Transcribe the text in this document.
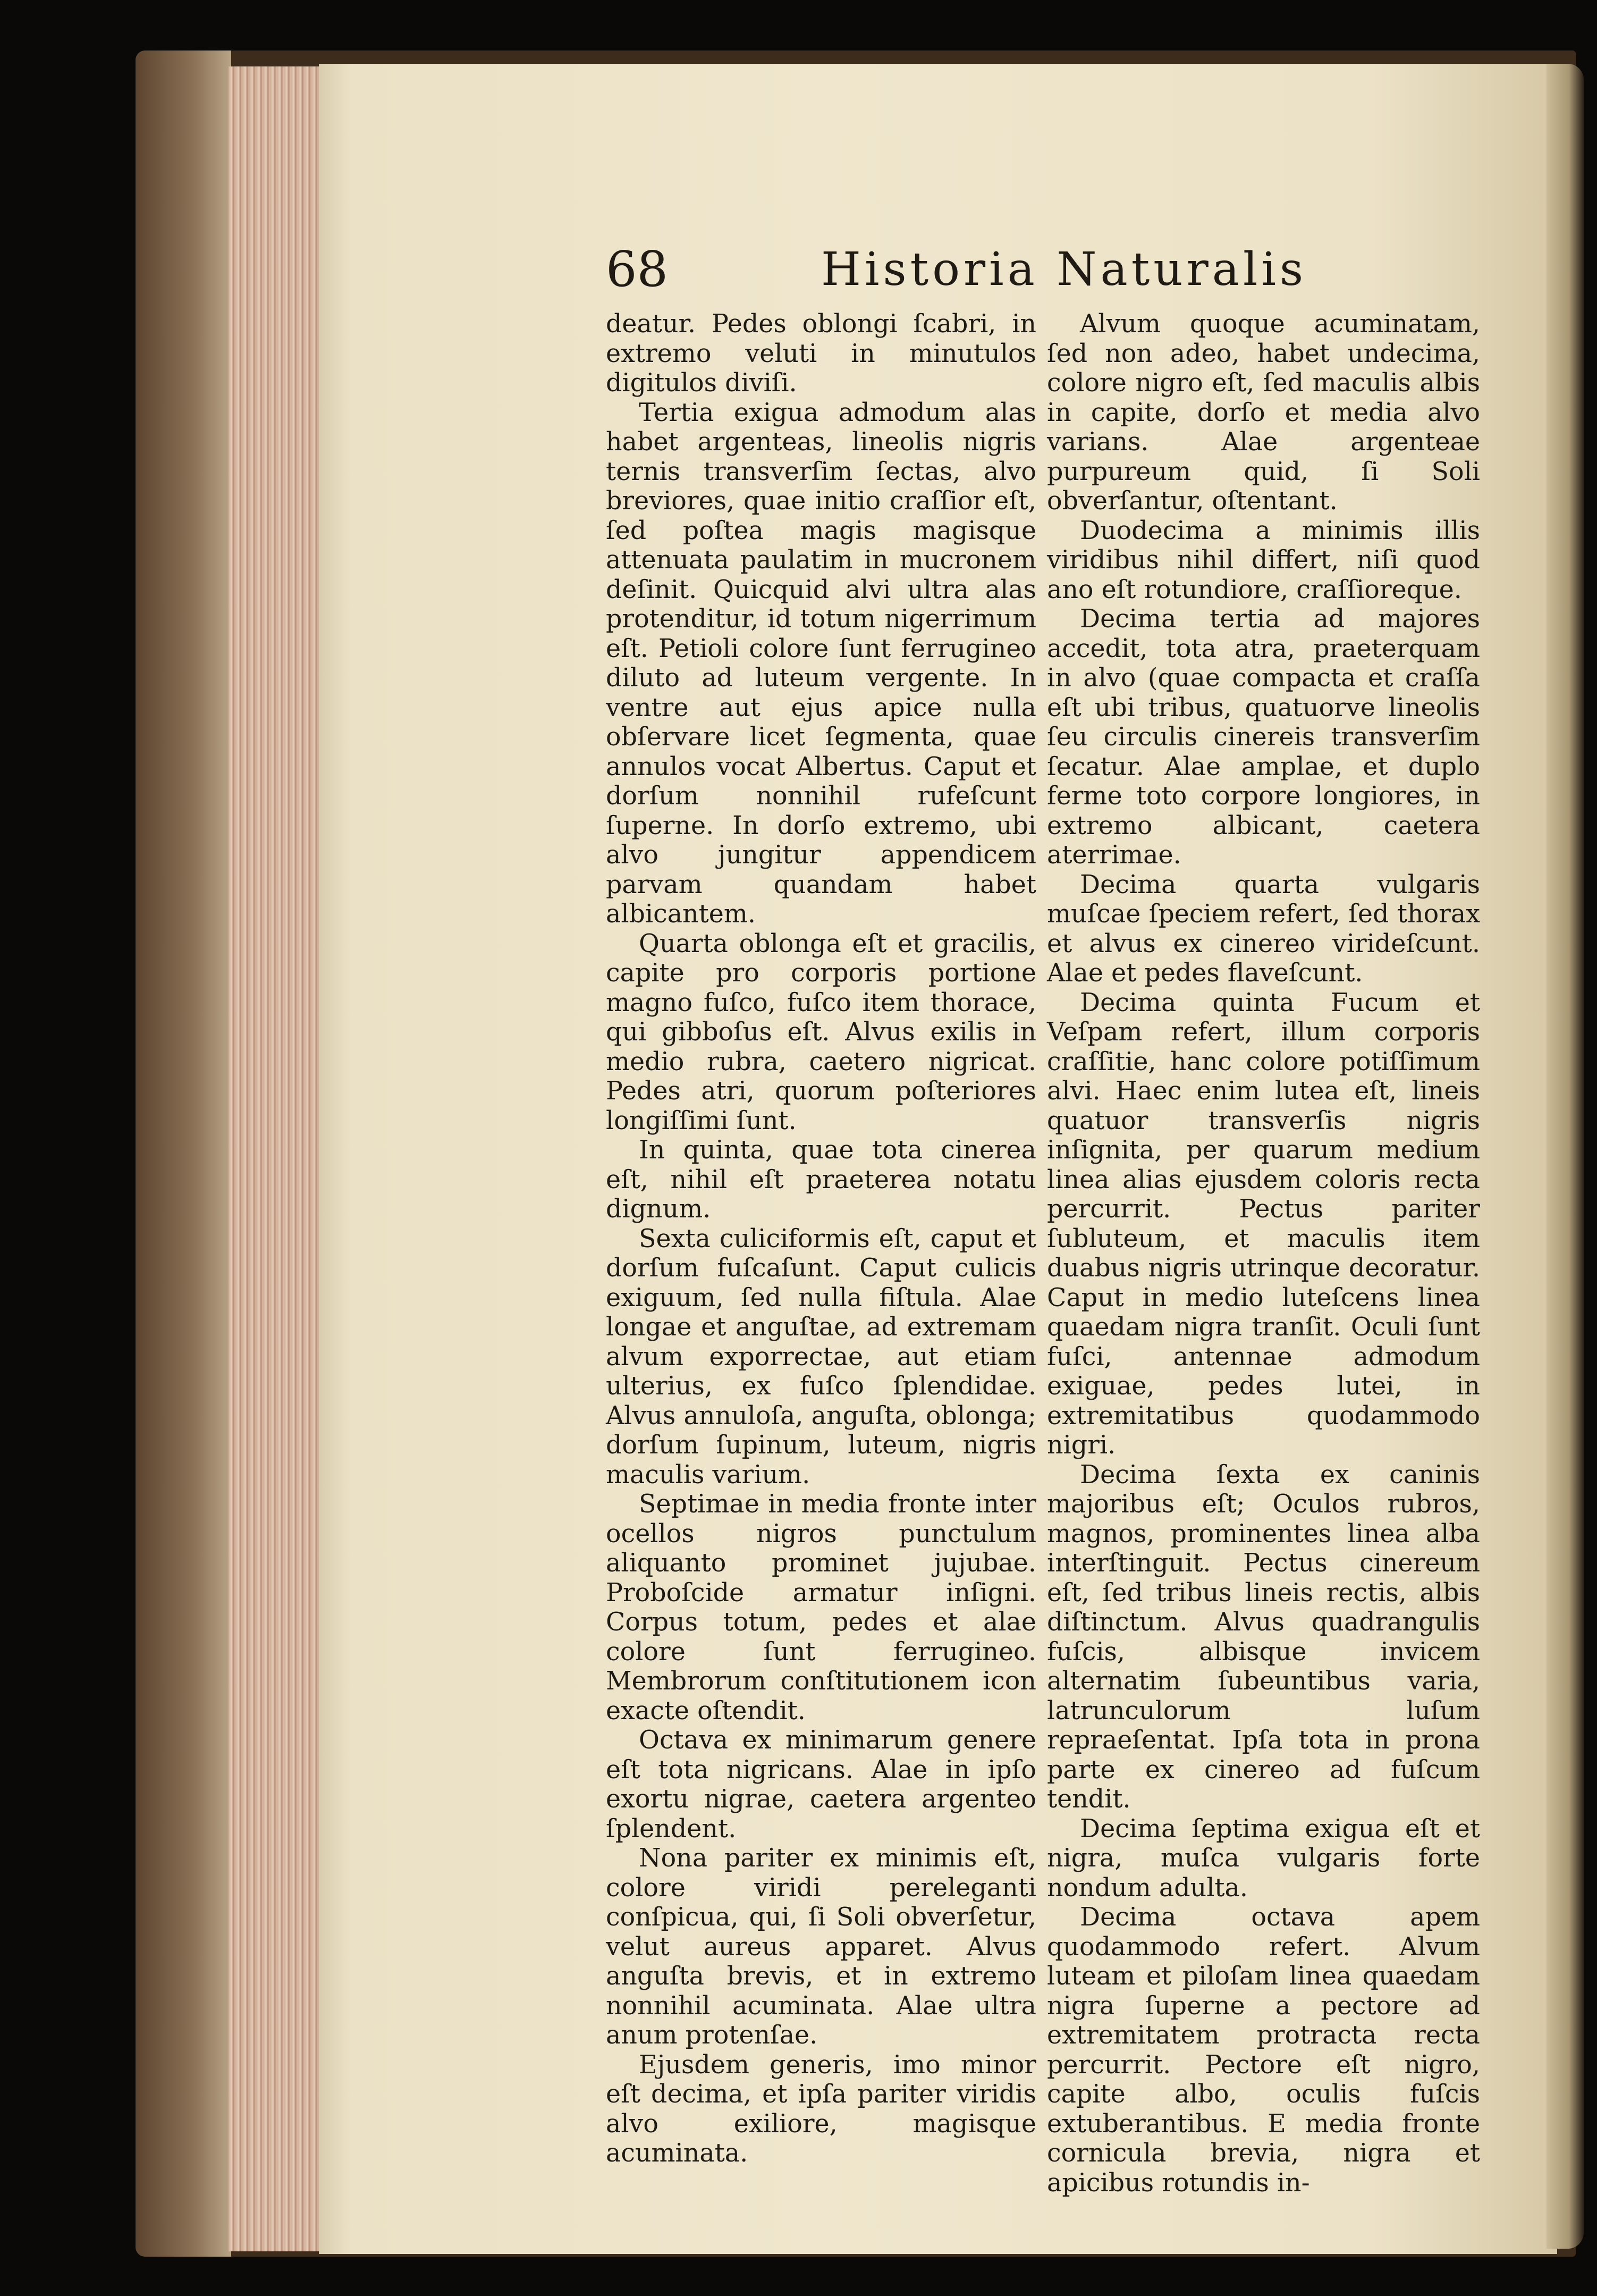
68	Historia Naturalis

deatur. Pedes oblongi ſcabri, in extremo veluti in minutulos digitulos diviſi.

Tertia exigua admodum alas habet argenteas, lineolis nigris ternis transverſim ſectas, alvo breviores, quae initio craſſior eſt, ſed poſtea magis magisque attenuata paulatim in mucronem deſinit. Quicquid alvi ultra alas protenditur, id totum nigerrimum eſt. Petioli colore ſunt ferrugineo diluto ad luteum vergente. In ventre aut ejus apice nulla obſervare licet ſegmenta, quae annulos vocat Albertus. Caput et dorſum nonnihil rufeſcunt ſuperne. In dorſo extremo, ubi alvo jungitur appendicem parvam quandam habet albicantem.

Quarta oblonga eſt et gracilis, capite pro corporis portione magno fuſco, fuſco item thorace, qui gibboſus eſt. Alvus exilis in medio rubra, caetero nigricat. Pedes atri, quorum poſteriores longiſſimi ſunt.

In quinta, quae tota cinerea eſt, nihil eſt praeterea notatu dignum.

Sexta culiciformis eſt, caput et dorſum fuſcaſunt. Caput culicis exiguum, ſed nulla fiſtula. Alae longae et anguſtae, ad extremam alvum exporrectae, aut etiam ulterius, ex fuſco ſplendidae. Alvus annuloſa, anguſta, oblonga; dorſum ſupinum, luteum, nigris maculis varium.

Septimae in media fronte inter ocellos nigros punctulum aliquanto prominet jujubae. Proboſcide armatur inſigni. Corpus totum, pedes et alae colore ſunt ferrugineo. Membrorum conſtitutionem icon exacte oſtendit.

Octava ex minimarum genere eſt tota nigricans. Alae in ipſo exortu nigrae, caetera argenteo ſplendent.

Nona pariter ex minimis eſt, colore viridi pereleganti conſpicua, qui, ſi Soli obverſetur, velut aureus apparet. Alvus anguſta brevis, et in extremo nonnihil acuminata. Alae ultra anum protenſae.

Ejusdem generis, imo minor eſt decima, et ipſa pariter viridis alvo exiliore, magisque acuminata.

Alvum quoque acuminatam, ſed non adeo, habet undecima, colore nigro eſt, ſed maculis albis in capite, dorſo et media alvo varians. Alae argenteae purpureum quid, ſi Soli obverſantur, oſtentant.

Duodecima a minimis illis viridibus nihil differt, niſi quod ano eſt rotundiore, craſſioreque.

Decima tertia ad majores accedit, tota atra, praeterquam in alvo (quae compacta et craſſa eſt ubi tribus, quatuorve lineolis ſeu circulis cinereis transverſim ſecatur. Alae amplae, et duplo ferme toto corpore longiores, in extremo albicant, caetera aterrimae.

Decima quarta vulgaris muſcae ſpeciem refert, ſed thorax et alvus ex cinereo virideſcunt. Alae et pedes flaveſcunt.

Decima quinta Fucum et Veſpam refert, illum corporis craſſitie, hanc colore potiſſimum alvi. Haec enim lutea eſt, lineis quatuor transverſis nigris inſignita, per quarum medium linea alias ejusdem coloris recta percurrit. Pectus pariter ſubluteum, et maculis item duabus nigris utrinque decoratur. Caput in medio luteſcens linea quaedam nigra tranſit. Oculi ſunt fuſci, antennae admodum exiguae, pedes lutei, in extremitatibus quodammodo nigri.

Decima ſexta ex caninis majoribus eſt; Oculos rubros, magnos, prominentes linea alba interſtinguit. Pectus cinereum eſt, ſed tribus lineis rectis, albis diſtinctum. Alvus quadrangulis fuſcis, albisque invicem alternatim ſubeuntibus varia, latrunculorum luſum repraeſentat. Ipſa tota in prona parte ex cinereo ad fuſcum tendit.

Decima ſeptima exigua eſt et nigra, muſca vulgaris forte nondum adulta.

Decima octava apem quodammodo refert. Alvum luteam et piloſam linea quaedam nigra ſuperne a pectore ad extremitatem protracta recta percurrit. Pectore eſt nigro, capite albo, oculis fuſcis extuberantibus. E media fronte cornicula brevia, nigra et apicibus rotundis in-
